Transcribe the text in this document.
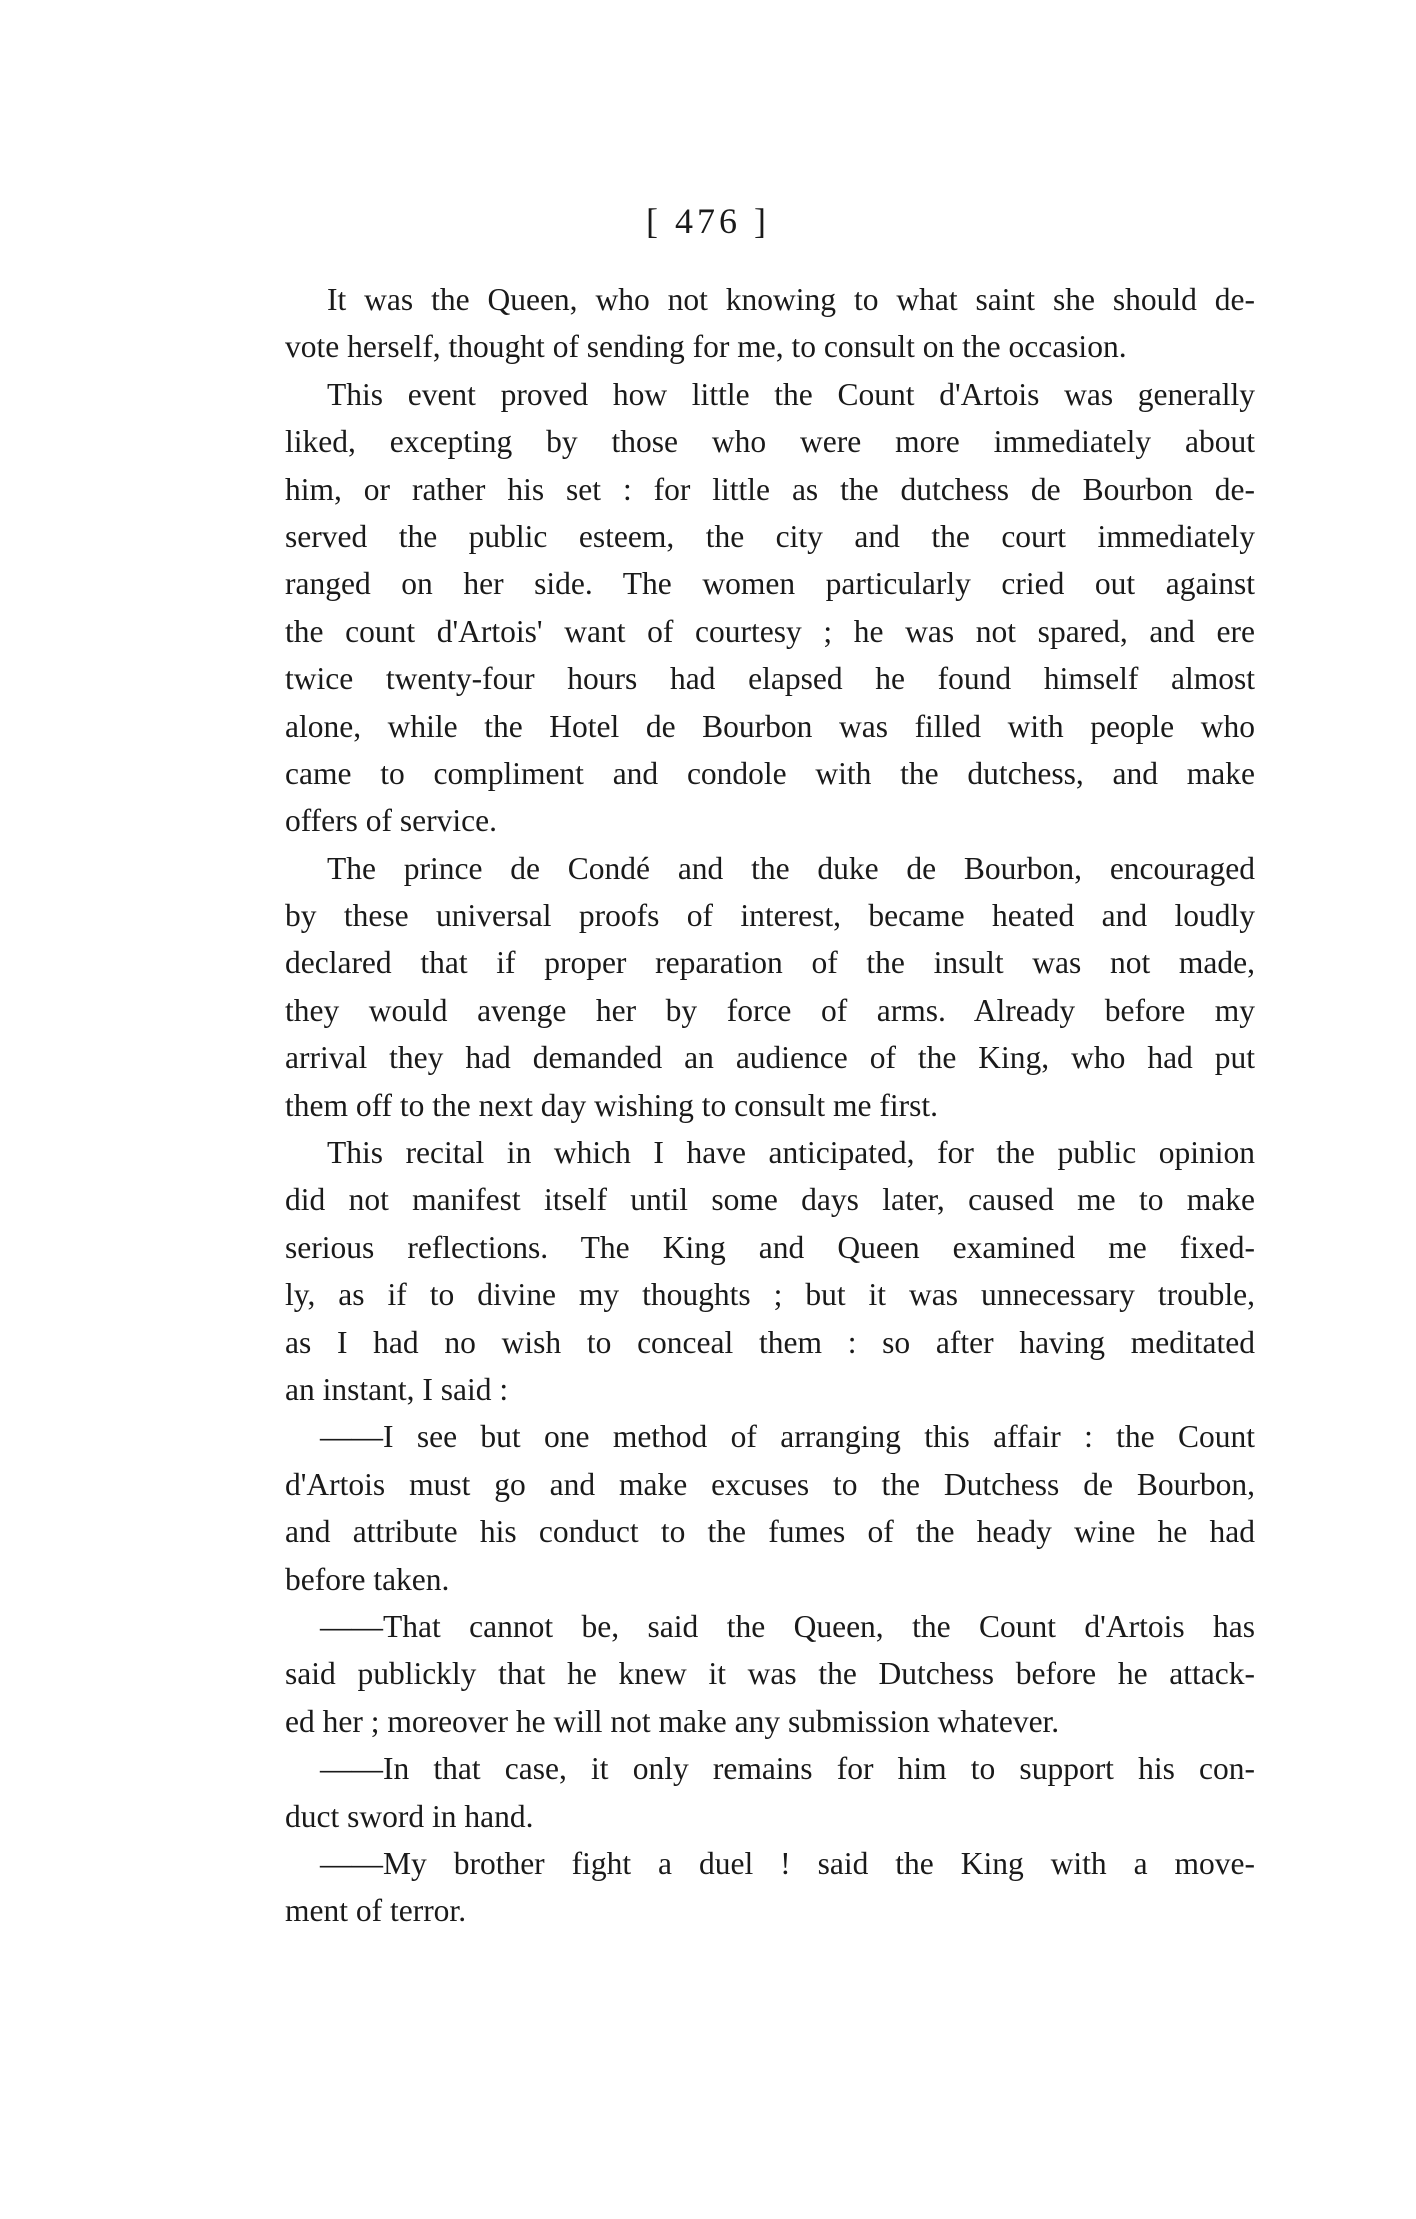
[ 476 ]
It was the Queen, who not knowing to what saint she should de-
vote herself, thought of sending for me, to consult on the occasion.
This event proved how little the Count d'Artois was generally
liked, excepting by those who were more immediately about
him, or rather his set : for little as the dutchess de Bourbon de-
served the public esteem, the city and the court immediately
ranged on her side. The women particularly cried out against
the count d'Artois' want of courtesy ; he was not spared, and ere
twice twenty-four hours had elapsed he found himself almost
alone, while the Hotel de Bourbon was filled with people who
came to compliment and condole with the dutchess, and make
offers of service.
The prince de Condé and the duke de Bourbon, encouraged
by these universal proofs of interest, became heated and loudly
declared that if proper reparation of the insult was not made,
they would avenge her by force of arms. Already before my
arrival they had demanded an audience of the King, who had put
them off to the next day wishing to consult me first.
This recital in which I have anticipated, for the public opinion
did not manifest itself until some days later, caused me to make
serious reflections. The King and Queen examined me fixed-
ly, as if to divine my thoughts ; but it was unnecessary trouble,
as I had no wish to conceal them : so after having meditated
an instant, I said :
——I see but one method of arranging this affair : the Count
d'Artois must go and make excuses to the Dutchess de Bourbon,
and attribute his conduct to the fumes of the heady wine he had
before taken.
——That cannot be, said the Queen, the Count d'Artois has
said publickly that he knew it was the Dutchess before he attack-
ed her ; moreover he will not make any submission whatever.
——In that case, it only remains for him to support his con-
duct sword in hand.
——My brother fight a duel ! said the King with a move-
ment of terror.
